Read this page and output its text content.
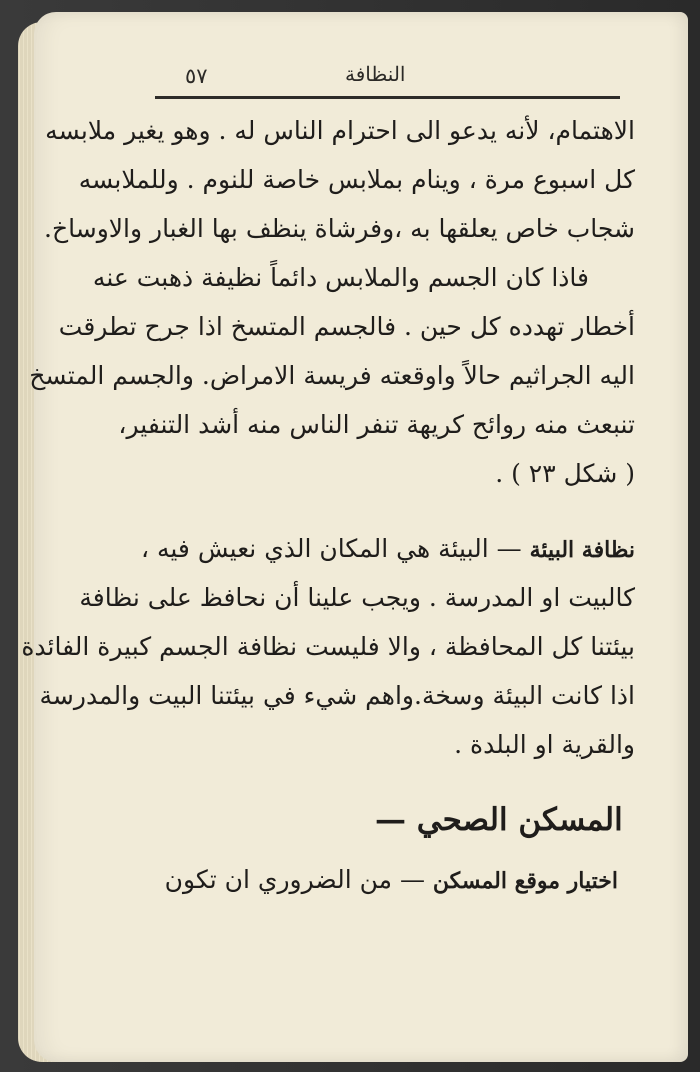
٥٧	النظافة

الاهتمام، لأنه يدعو الى احترام الناس له . وهو يغير ملابسه

كل اسبوع مرة ، وينام بملابس خاصة للنوم . وللملابسه

شجاب خاص يعلقها به ،وفرشاة ينظف بها الغبار والاوساخ.

فاذا كان الجسم والملابس دائماً نظيفة ذهبت عنه

أخطار تهدده كل حين . فالجسم المتسخ اذا جرح تطرقت

اليه الجراثيم حالاً واوقعته فريسة الامراض. والجسم المتسخ

تنبعث منه روائح كريهة تنفر الناس منه أشد التنفير،

( شكل ٢٣ ) .

نظافة البيئة — البيئة هي المكان الذي نعيش فيه ،

كالبيت او المدرسة . ويجب علينا أن نحافظ على نظافة

بيئتنا كل المحافظة ، والا فليست نظافة الجسم كبيرة الفائدة

اذا كانت البيئة وسخة.واهم شيء في بيئتنا البيت والمدرسة

والقرية او البلدة .

المسكن الصحي —
اختيار موقع المسكن — من الضروري ان تكون
